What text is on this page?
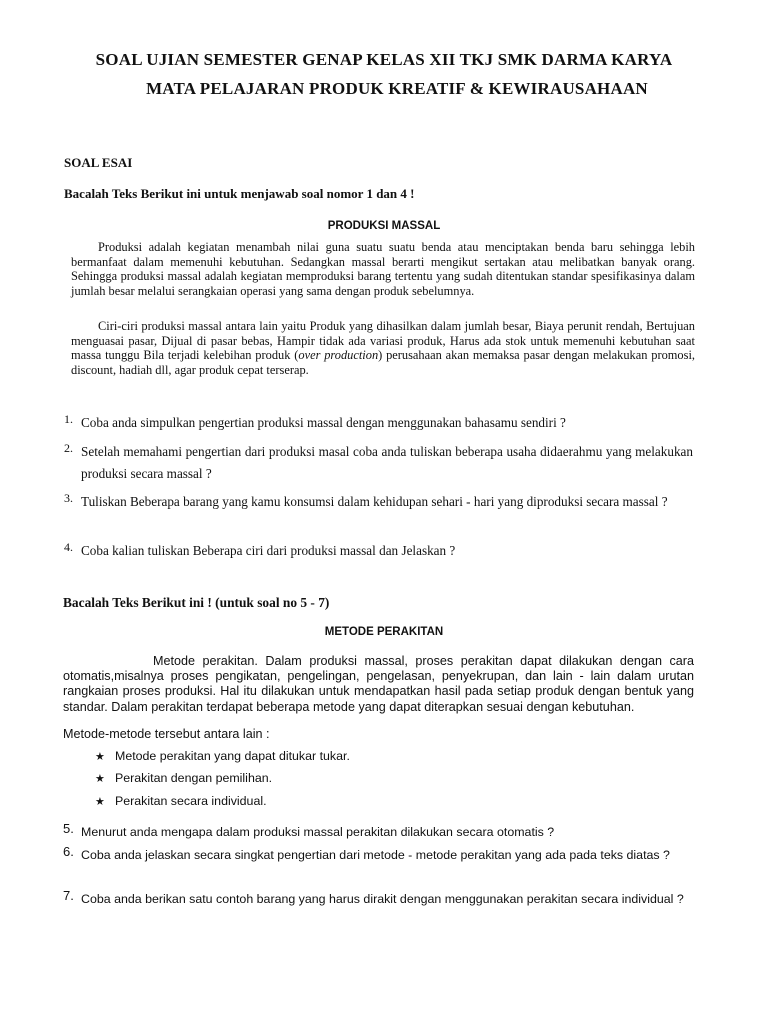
SOAL UJIAN SEMESTER GENAP KELAS XII TKJ SMK DARMA KARYA
MATA PELAJARAN PRODUK KREATIF & KEWIRAUSAHAAN
SOAL ESAI
Bacalah Teks Berikut ini untuk menjawab soal nomor 1 dan 4 !
PRODUKSI MASSAL

Produksi adalah kegiatan menambah nilai guna suatu suatu benda atau menciptakan benda baru sehingga lebih bermanfaat dalam memenuhi kebutuhan. Sedangkan massal berarti mengikut sertakan atau melibatkan banyak orang. Sehingga produksi massal adalah kegiatan memproduksi barang tertentu yang sudah ditentukan standar spesifikasinya dalam jumlah besar melalui serangkaian operasi yang sama dengan produk sebelumnya.

Ciri-ciri produksi massal antara lain yaitu Produk yang dihasilkan dalam jumlah besar, Biaya perunit rendah, Bertujuan menguasai pasar, Dijual di pasar bebas, Hampir tidak ada variasi produk, Harus ada stok untuk memenuhi kebutuhan saat massa tunggu Bila terjadi kelebihan produk (over production) perusahaan akan memaksa pasar dengan melakukan promosi, discount, hadiah dll, agar produk cepat terserap.

1. Coba anda simpulkan pengertian produksi massal dengan menggunakan bahasamu sendiri ?
2. Setelah memahami pengertian dari produksi masal coba anda tuliskan beberapa usaha didaerahmu yang melakukan produksi secara massal ?
3. Tuliskan Beberapa barang yang kamu konsumsi dalam kehidupan sehari - hari yang diproduksi secara massal ?
4. Coba kalian tuliskan Beberapa ciri dari produksi massal dan Jelaskan ?
Bacalah Teks Berikut ini ! (untuk soal no 5 - 7)
METODE PERAKITAN

Metode perakitan. Dalam produksi massal, proses perakitan dapat dilakukan dengan cara otomatis,misalnya proses pengikatan, pengelingan, pengelasan, penyekrupan, dan lain - lain dalam urutan rangkaian proses produksi. Hal itu dilakukan untuk mendapatkan hasil pada setiap produk dengan bentuk yang standar. Dalam perakitan terdapat beberapa metode yang dapat diterapkan sesuai dengan kebutuhan.

Metode-metode tersebut antara lain :
★ Metode perakitan yang dapat ditukar tukar.
★ Perakitan dengan pemilihan.
★ Perakitan secara individual.
5. Menurut anda mengapa dalam produksi massal perakitan dilakukan secara otomatis ?
6. Coba anda jelaskan secara singkat pengertian dari metode - metode perakitan yang ada pada teks diatas ?
7. Coba anda berikan satu contoh barang yang harus dirakit dengan menggunakan perakitan secara individual ?
